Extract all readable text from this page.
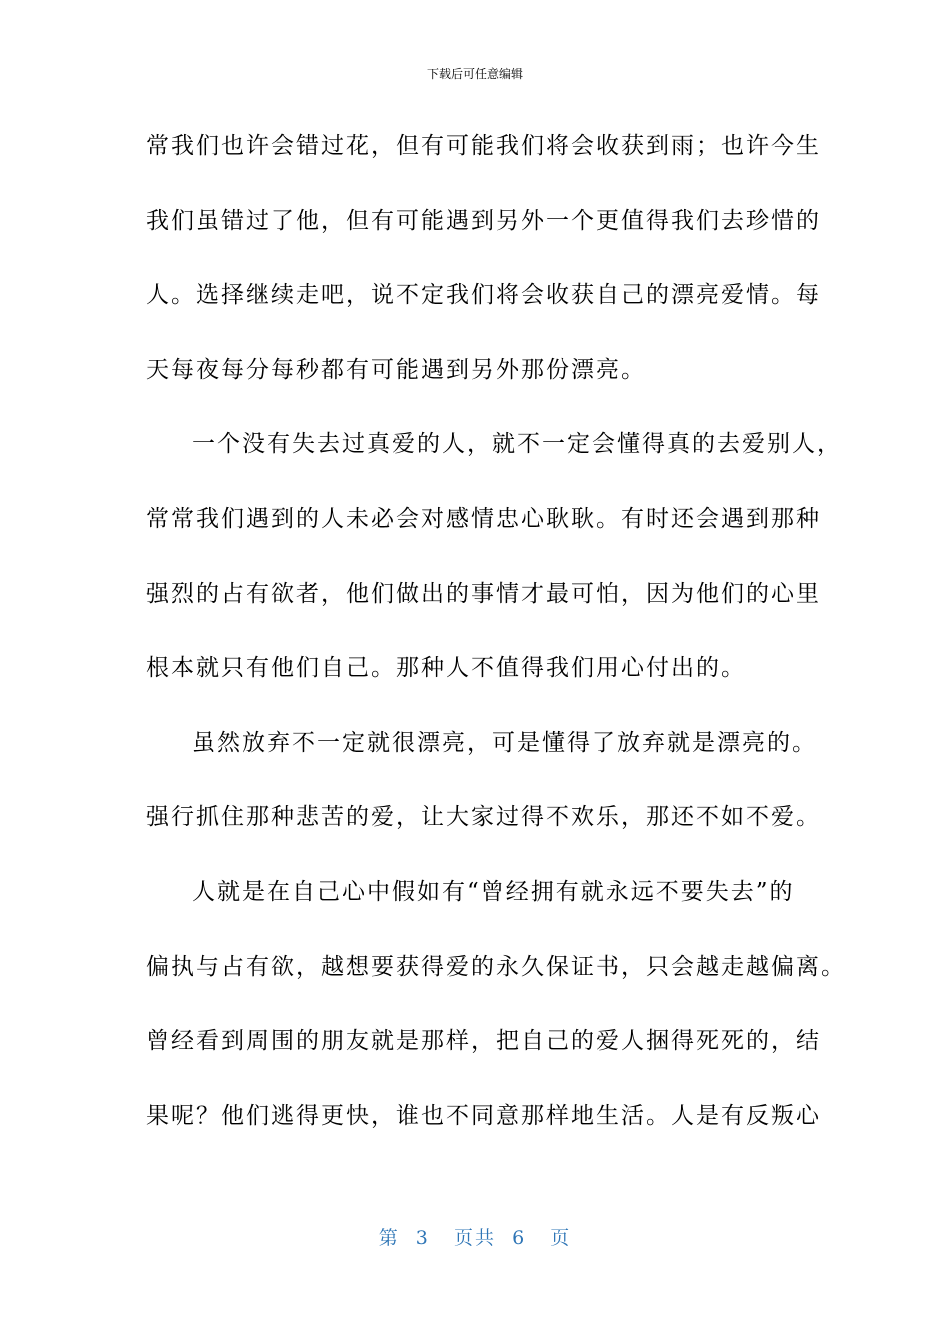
下载后可任意编辑
常我们也许会错过花，但有可能我们将会收获到雨；也许今生
我们虽错过了他，但有可能遇到另外一个更值得我们去珍惜的
人。选择继续走吧，说不定我们将会收获自己的漂亮爱情。每
天每夜每分每秒都有可能遇到另外那份漂亮。
一个没有失去过真爱的人，就不一定会懂得真的去爱别人，
常常我们遇到的人未必会对感情忠心耿耿。有时还会遇到那种
强烈的占有欲者，他们做出的事情才最可怕，因为他们的心里
根本就只有他们自己。那种人不值得我们用心付出的。
虽然放弃不一定就很漂亮，可是懂得了放弃就是漂亮的。
强行抓住那种悲苦的爱，让大家过得不欢乐，那还不如不爱。
人就是在自己心中假如有“曾经拥有就永远不要失去”的
偏执与占有欲，越想要获得爱的永久保证书，只会越走越偏离。
曾经看到周围的朋友就是那样，把自己的爱人捆得死死的，结
果呢？他们逃得更快，谁也不同意那样地生活。人是有反叛心
第  3   页共  6   页
